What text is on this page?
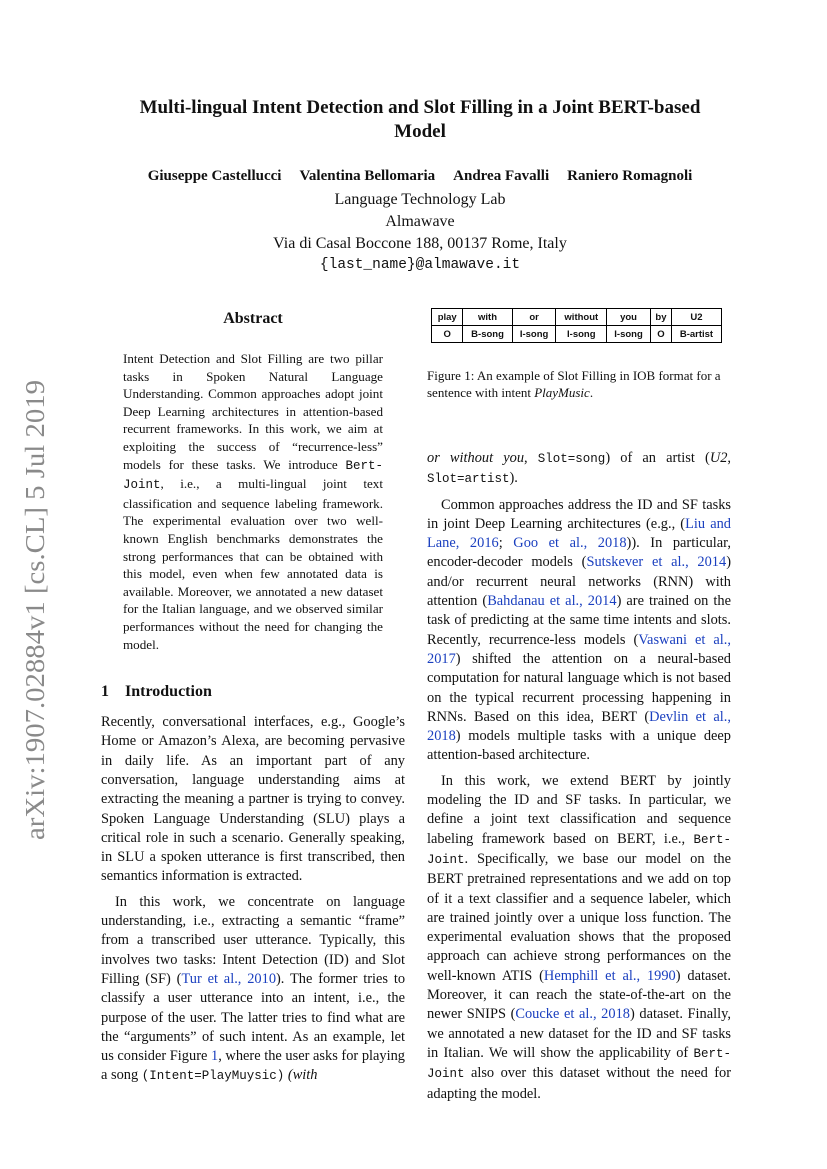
arXiv:1907.02884v1 [cs.CL] 5 Jul 2019
Multi-lingual Intent Detection and Slot Filling in a Joint BERT-based
Model
Giuseppe Castellucci Valentina Bellomaria Andrea Favalli Raniero Romagnoli
Language Technology Lab
Almawave
Via di Casal Boccone 188, 00137 Rome, Italy
{last_name}@almawave.it
Abstract
Intent Detection and Slot Filling are two pillar tasks in Spoken Natural Language Understanding. Common approaches adopt joint Deep Learning architectures in attention-based recurrent frameworks. In this work, we aim at exploiting the success of “recurrence-less” models for these tasks. We introduce Bert-Joint, i.e., a multi-lingual joint text classification and sequence labeling framework. The experimental evaluation over two well-known English benchmarks demonstrates the strong performances that can be obtained with this model, even when few annotated data is available. Moreover, we annotated a new dataset for the Italian language, and we observed similar performances without the need for changing the model.
1 Introduction

Recently, conversational interfaces, e.g., Google’s Home or Amazon’s Alexa, are becoming pervasive in daily life. As an important part of any conversation, language understanding aims at extracting the meaning a partner is trying to convey. Spoken Language Understanding (SLU) plays a critical role in such a scenario. Generally speaking, in SLU a spoken utterance is first transcribed, then semantics information is extracted.

In this work, we concentrate on language understanding, i.e., extracting a semantic “frame” from a transcribed user utterance. Typically, this involves two tasks: Intent Detection (ID) and Slot Filling (SF) (Tur et al., 2010). The former tries to classify a user utterance into an intent, i.e., the purpose of the user. The latter tries to find what are the “arguments” of such intent. As an example, let us consider Figure 1, where the user asks for playing a song (Intent=PlayMuysic) (with

play	with	or	without	you	by	U2
O	B-song	I-song	I-song	I-song	O	B-artist

Figure 1: An example of Slot Filling in IOB format for a sentence with intent PlayMusic.

or without you, Slot=song) of an artist (U2, Slot=artist).

Common approaches address the ID and SF tasks in joint Deep Learning architectures (e.g., (Liu and Lane, 2016; Goo et al., 2018)). In particular, encoder-decoder models (Sutskever et al., 2014) and/or recurrent neural networks (RNN) with attention (Bahdanau et al., 2014) are trained on the task of predicting at the same time intents and slots. Recently, recurrence-less models (Vaswani et al., 2017) shifted the attention on a neural-based computation for natural language which is not based on the typical recurrent processing happening in RNNs. Based on this idea, BERT (Devlin et al., 2018) models multiple tasks with a unique deep attention-based architecture.

In this work, we extend BERT by jointly modeling the ID and SF tasks. In particular, we define a joint text classification and sequence labeling framework based on BERT, i.e., Bert-Joint. Specifically, we base our model on the BERT pretrained representations and we add on top of it a text classifier and a sequence labeler, which are trained jointly over a unique loss function. The experimental evaluation shows that the proposed approach can achieve strong performances on the well-known ATIS (Hemphill et al., 1990) dataset. Moreover, it can reach the state-of-the-art on the newer SNIPS (Coucke et al., 2018) dataset. Finally, we annotated a new dataset for the ID and SF tasks in Italian. We will show the applicability of Bert-Joint also over this dataset without the need for adapting the model.
